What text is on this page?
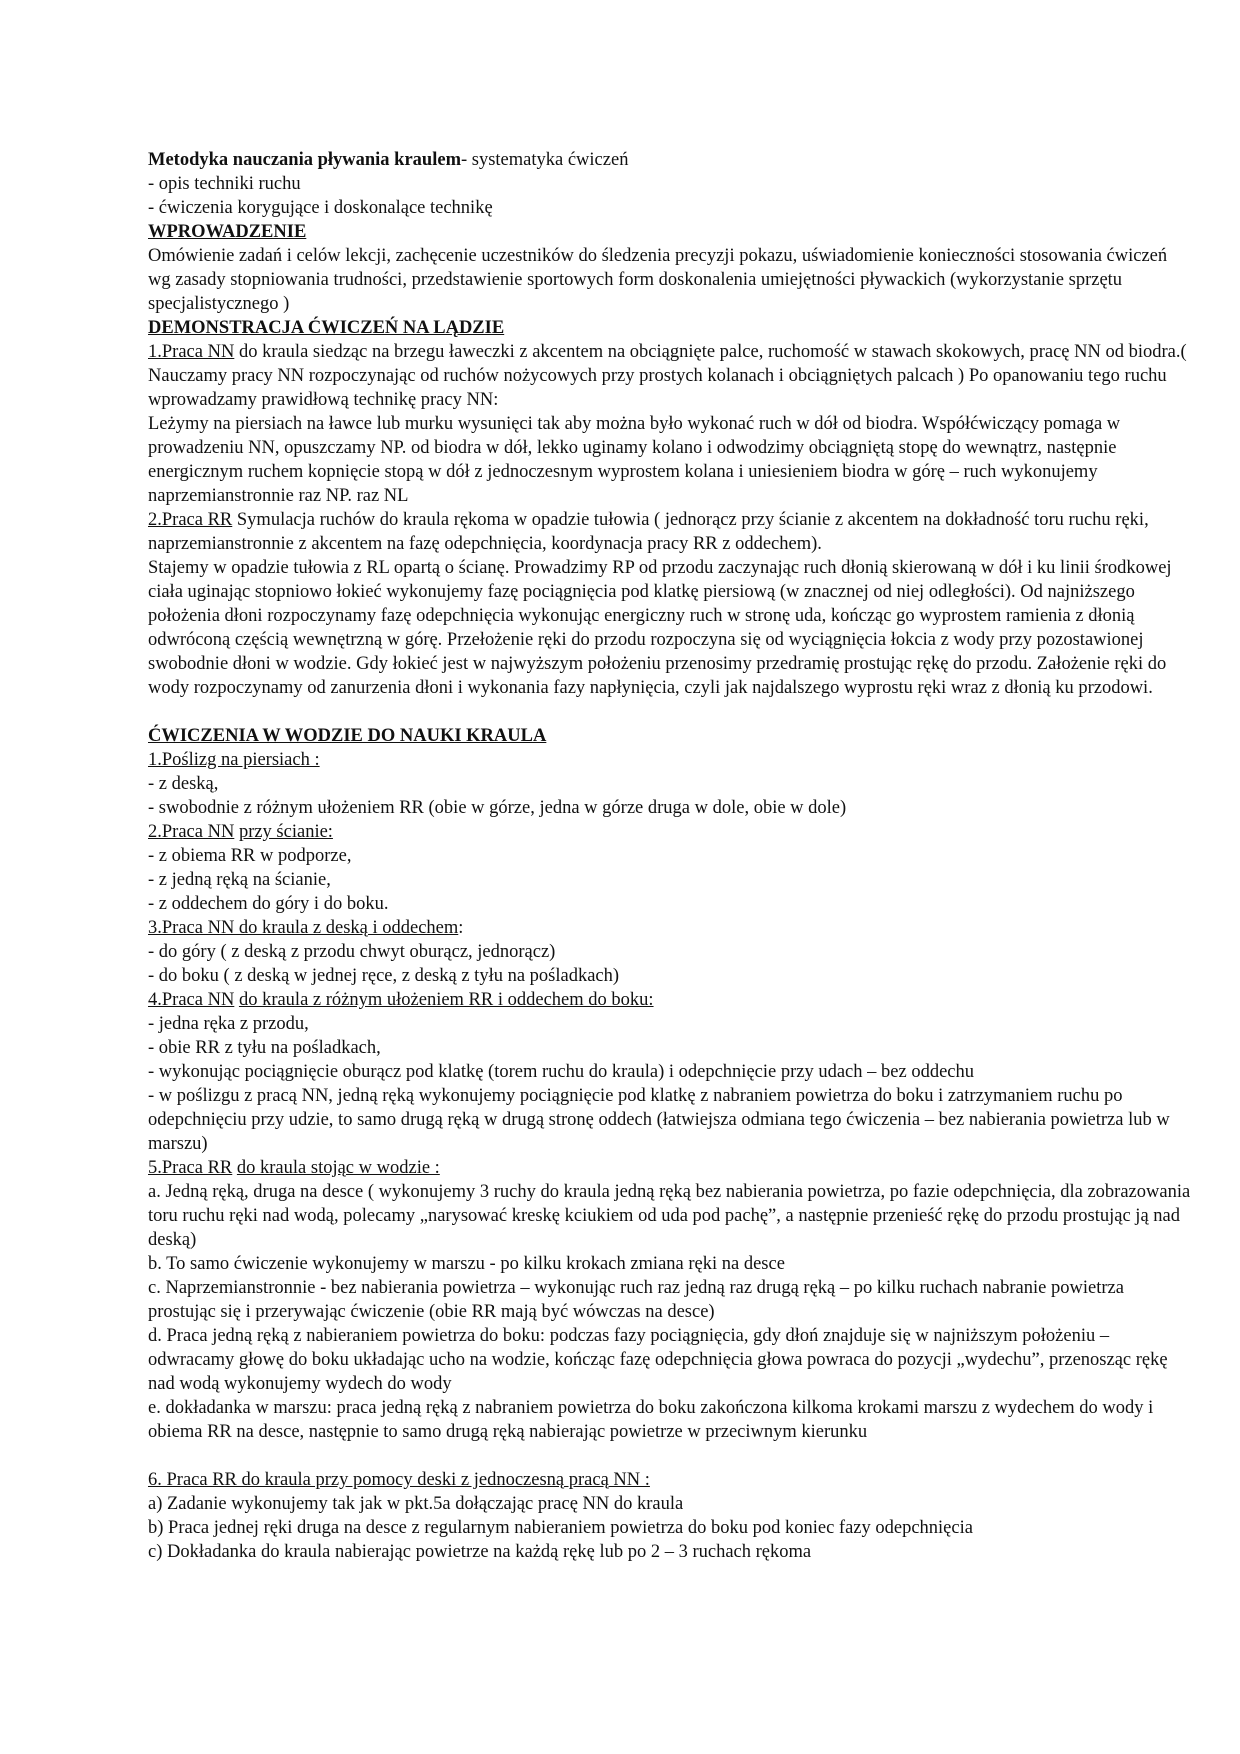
Metodyka nauczania pływania kraulem- systematyka ćwiczeń

- opis techniki ruchu

- ćwiczenia korygujące i doskonalące technikę

WPROWADZENIE

Omówienie zadań i celów lekcji, zachęcenie uczestników do śledzenia precyzji pokazu, uświadomienie konieczności stosowania ćwiczeń wg zasady stopniowania trudności, przedstawienie sportowych form doskonalenia umiejętności pływackich (wykorzystanie sprzętu specjalistycznego )

DEMONSTRACJA ĆWICZEŃ NA LĄDZIE

1.Praca NN do kraula siedząc na brzegu ławeczki z akcentem na obciągnięte palce, ruchomość w stawach skokowych, pracę NN od biodra.( Nauczamy pracy NN rozpoczynając od ruchów nożycowych przy prostych kolanach i obciągniętych palcach ) Po opanowaniu tego ruchu wprowadzamy prawidłową technikę pracy NN:

Leżymy na piersiach na ławce lub murku wysunięci tak aby można było wykonać ruch w dół od biodra. Współćwiczący pomaga w prowadzeniu NN, opuszczamy NP. od biodra w dół, lekko uginamy kolano i odwodzimy obciągniętą stopę do wewnątrz, następnie energicznym ruchem kopnięcie stopą w dół z jednoczesnym wyprostem kolana i uniesieniem biodra w górę – ruch wykonujemy naprzemianstronnie raz NP. raz NL

2.Praca RR Symulacja ruchów do kraula rękoma w opadzie tułowia ( jednorącz przy ścianie z akcentem na dokładność toru ruchu ręki, naprzemianstronnie z akcentem na fazę odepchnięcia, koordynacja pracy RR z oddechem).

Stajemy w opadzie tułowia z RL opartą o ścianę. Prowadzimy RP od przodu zaczynając ruch dłonią skierowaną w dół i ku linii środkowej ciała uginając stopniowo łokieć wykonujemy fazę pociągnięcia pod klatkę piersiową (w znacznej od niej odległości). Od najniższego położenia dłoni rozpoczynamy fazę odepchnięcia wykonując energiczny ruch w stronę uda, kończąc go wyprostem ramienia z dłonią odwróconą częścią wewnętrzną w górę. Przełożenie ręki do przodu rozpoczyna się od wyciągnięcia łokcia z wody przy pozostawionej swobodnie dłoni w wodzie. Gdy łokieć jest w najwyższym położeniu przenosimy przedramię prostując rękę do przodu. Założenie ręki do wody rozpoczynamy od zanurzenia dłoni i wykonania fazy napłynięcia, czyli jak najdalszego wyprostu ręki wraz z dłonią ku przodowi.

ĆWICZENIA W WODZIE DO NAUKI KRAULA

1.Poślizg na piersiach :

- z deską,

- swobodnie z różnym ułożeniem RR (obie w górze, jedna w górze druga w dole, obie w dole)

2.Praca NN przy ścianie:

- z obiema RR w podporze,

- z jedną ręką na ścianie,

- z oddechem do góry i do boku.

3.Praca NN do kraula z deską i oddechem:

- do góry ( z deską z przodu chwyt oburącz, jednorącz)

- do boku ( z deską w jednej ręce, z deską z tyłu na pośladkach)

4.Praca NN do kraula z różnym ułożeniem RR i oddechem do boku:

- jedna ręka z przodu,

- obie RR z tyłu na pośladkach,

- wykonując pociągnięcie oburącz pod klatkę (torem ruchu do kraula) i odepchnięcie przy udach – bez oddechu

- w poślizgu z pracą NN, jedną ręką wykonujemy pociągnięcie pod klatkę z nabraniem powietrza do boku i zatrzymaniem ruchu po odepchnięciu przy udzie, to samo drugą ręką w drugą stronę oddech (łatwiejsza odmiana tego ćwiczenia – bez nabierania powietrza lub w marszu)

5.Praca RR do kraula stojąc w wodzie :

a. Jedną ręką, druga na desce ( wykonujemy 3 ruchy do kraula jedną ręką bez nabierania powietrza, po fazie odepchnięcia, dla zobrazowania toru ruchu ręki nad wodą, polecamy „narysować kreskę kciukiem od uda pod pachę”, a następnie przenieść rękę do przodu prostując ją nad deską)

b. To samo ćwiczenie wykonujemy w marszu - po kilku krokach zmiana ręki na desce

c. Naprzemianstronnie - bez nabierania powietrza – wykonując ruch raz jedną raz drugą ręką – po kilku ruchach nabranie powietrza prostując się i przerywając ćwiczenie (obie RR mają być wówczas na desce)

d. Praca jedną ręką z nabieraniem powietrza do boku: podczas fazy pociągnięcia, gdy dłoń znajduje się w najniższym położeniu – odwracamy głowę do boku układając ucho na wodzie, kończąc fazę odepchnięcia głowa powraca do pozycji „wydechu”, przenosząc rękę nad wodą wykonujemy wydech do wody

e. dokładanka w marszu: praca jedną ręką z nabraniem powietrza do boku zakończona kilkoma krokami marszu z wydechem do wody i obiema RR na desce, następnie to samo drugą ręką nabierając powietrze w przeciwnym kierunku

6. Praca RR do kraula przy pomocy deski z jednoczesną pracą NN :

a) Zadanie wykonujemy tak jak w pkt.5a dołączając pracę NN do kraula

b) Praca jednej ręki druga na desce z regularnym nabieraniem powietrza do boku pod koniec fazy odepchnięcia

c) Dokładanka do kraula nabierając powietrze na każdą rękę lub po 2 – 3 ruchach rękoma
